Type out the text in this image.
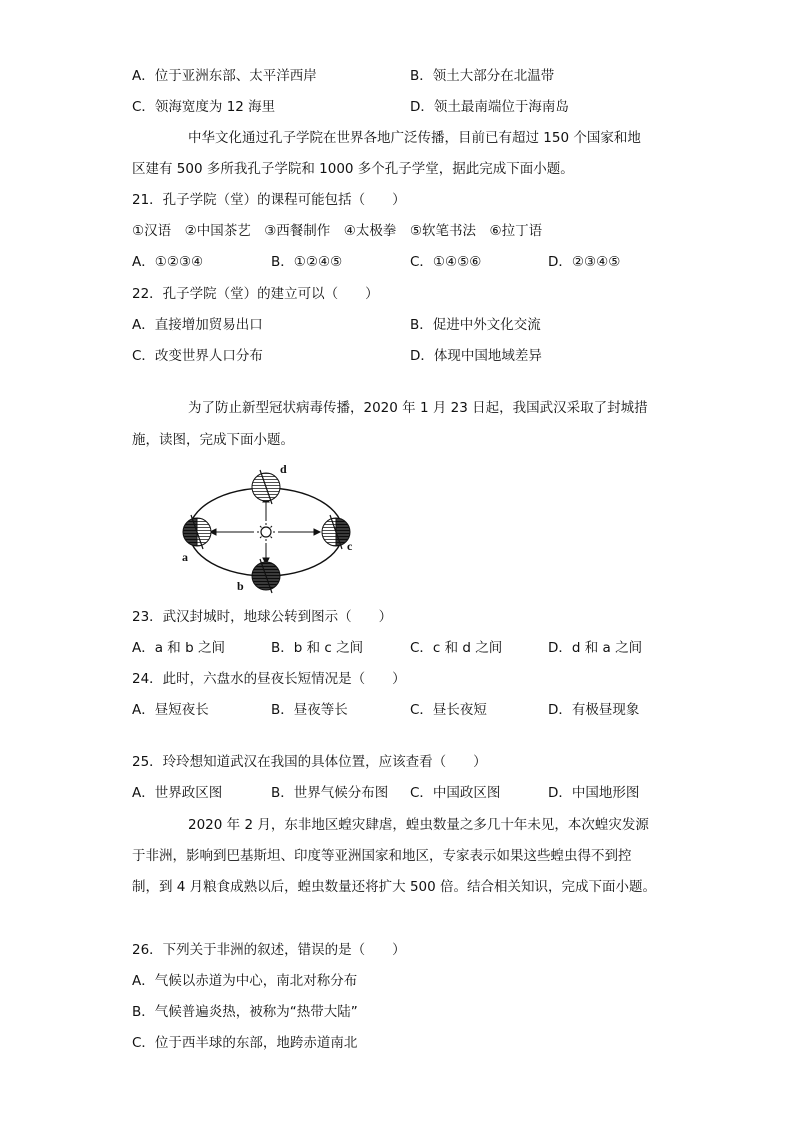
A．位于亚洲东部、太平洋西岸	B．领土大部分在北温带
C．领海宽度为 12 海里	D．领土最南端位于海南岛
中华文化通过孔子学院在世界各地广泛传播，目前已有超过 150 个国家和地
区建有 500 多所我孔子学院和 1000 多个孔子学堂，据此完成下面小题。
21．孔子学院（堂）的课程可能包括（　　）
①汉语　②中国茶艺　③西餐制作　④太极拳　⑤软笔书法　⑥拉丁语
A．①②③④	B．①②④⑤	C．①④⑤⑥	D．②③④⑤
22．孔子学院（堂）的建立可以（　　）
A．直接增加贸易出口	B．促进中外文化交流
C．改变世界人口分布	D．体现中国地域差异
为了防止新型冠状病毒传播，2020 年 1 月 23 日起，我国武汉采取了封城措
施，读图，完成下面小题。
a
b
c
d
23．武汉封城时，地球公转到图示（　　）
A．a 和 b 之间	B．b 和 c 之间	C．c 和 d 之间	D．d 和 a 之间
24．此时，六盘水的昼夜长短情况是（　　）
A．昼短夜长	B．昼夜等长	C．昼长夜短	D．有极昼现象
25．玲玲想知道武汉在我国的具体位置，应该查看（　　）
A．世界政区图	B．世界气候分布图 C．中国政区图	D．中国地形图
2020 年 2 月，东非地区蝗灾肆虐，蝗虫数量之多几十年未见，本次蝗灾发源
于非洲，影响到巴基斯坦、印度等亚洲国家和地区，专家表示如果这些蝗虫得不到控
制，到 4 月粮食成熟以后，蝗虫数量还将扩大 500 倍。结合相关知识，完成下面小题。
26．下列关于非洲的叙述，错误的是（　　）
A．气候以赤道为中心，南北对称分布
B．气候普遍炎热，被称为“热带大陆”
C．位于西半球的东部，地跨赤道南北
